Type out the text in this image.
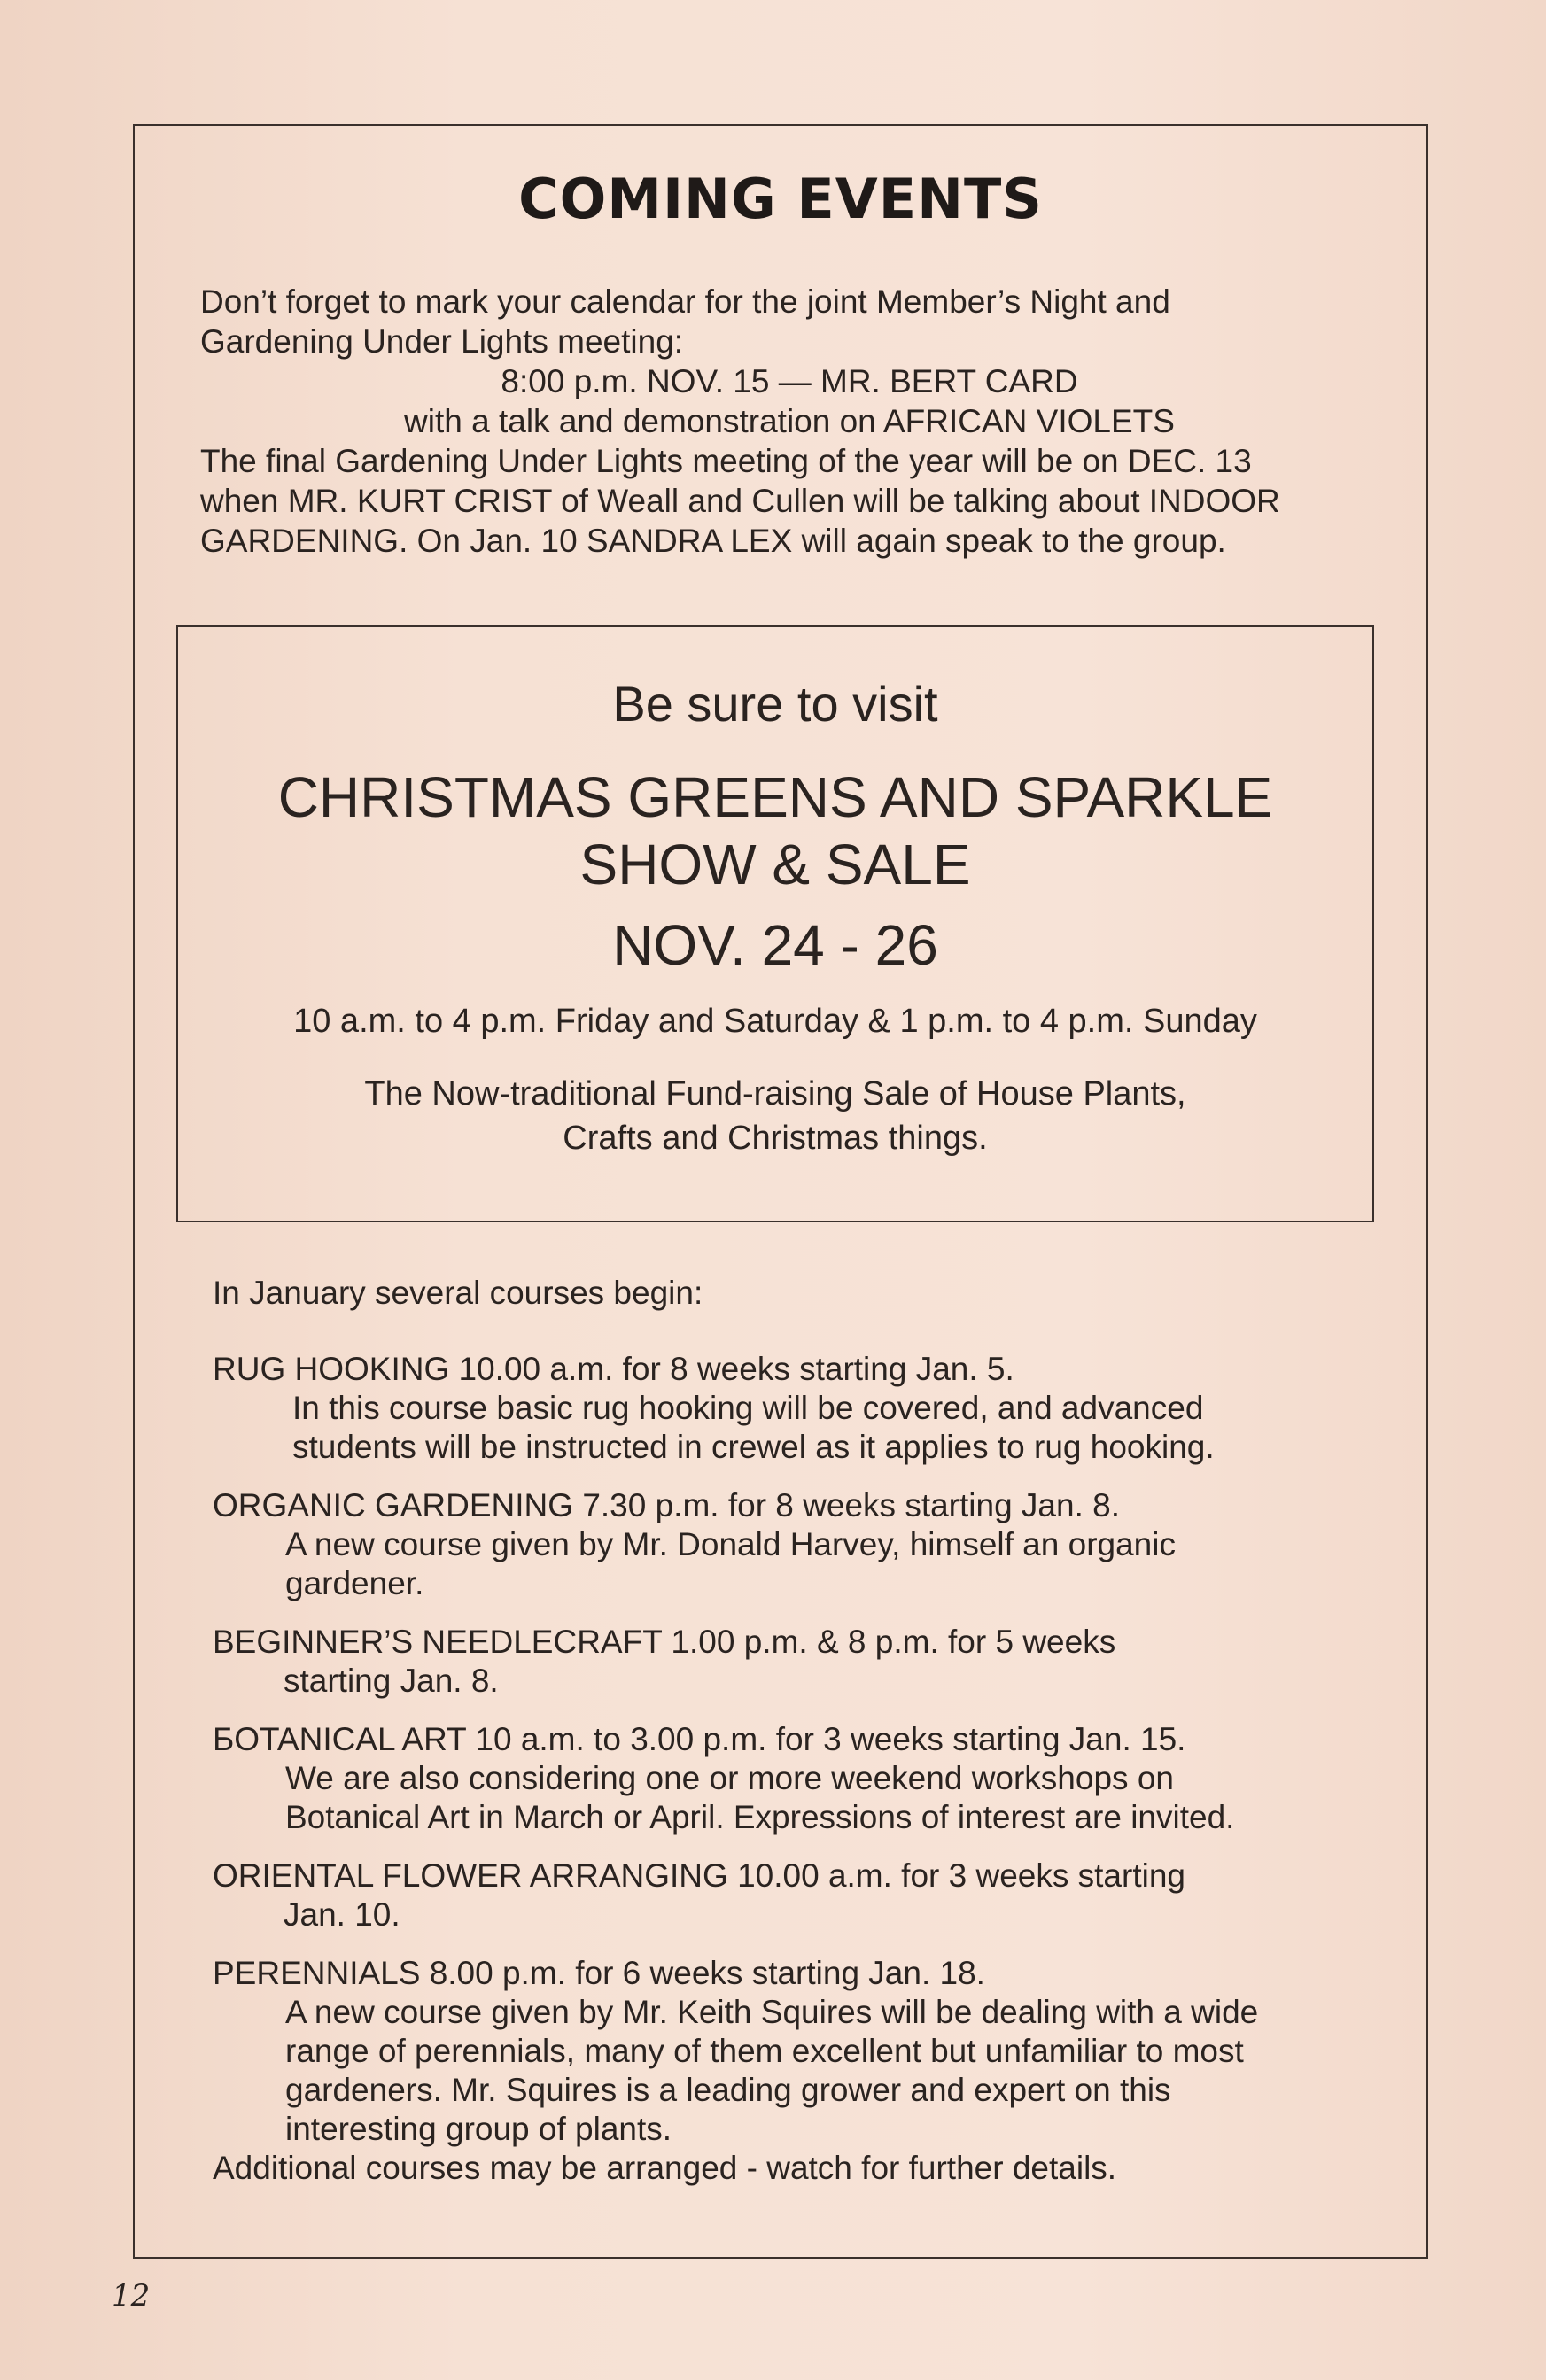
COMING EVENTS
Don’t forget to mark your calendar for the joint Member’s Night and
Gardening Under Lights meeting:
8:00 p.m. NOV. 15 — MR. BERT CARD
with a talk and demonstration on AFRICAN VIOLETS
The final Gardening Under Lights meeting of the year will be on DEC. 13
when MR. KURT CRIST of Weall and Cullen will be talking about INDOOR
GARDENING. On Jan. 10 SANDRA LEX will again speak to the group.
Be sure to visit
CHRISTMAS GREENS AND SPARKLE
SHOW & SALE
NOV. 24 - 26
10 a.m. to 4 p.m. Friday and Saturday & 1 p.m. to 4 p.m. Sunday
The Now-traditional Fund-raising Sale of House Plants,
Crafts and Christmas things.
In January several courses begin:
RUG HOOKING 10.00 a.m. for 8 weeks starting Jan. 5.
In this course basic rug hooking will be covered, and advanced
students will be instructed in crewel as it applies to rug hooking.
ORGANIC GARDENING 7.30 p.m. for 8 weeks starting Jan. 8.
A new course given by Mr. Donald Harvey, himself an organic
gardener.
BEGINNER’S NEEDLECRAFT 1.00 p.m. & 8 p.m. for 5 weeks
starting Jan. 8.
БOTANICAL ART 10 a.m. to 3.00 p.m. for 3 weeks starting Jan. 15.
We are also considering one or more weekend workshops on
Botanical Art in March or April. Expressions of interest are invited.
ORIENTAL FLOWER ARRANGING 10.00 a.m. for 3 weeks starting
Jan. 10.
PERENNIALS 8.00 p.m. for 6 weeks starting Jan. 18.
A new course given by Mr. Keith Squires will be dealing with a wide
range of perennials, many of them excellent but unfamiliar to most
gardeners. Mr. Squires is a leading grower and expert on this
interesting group of plants.
Additional courses may be arranged - watch for further details.
12
